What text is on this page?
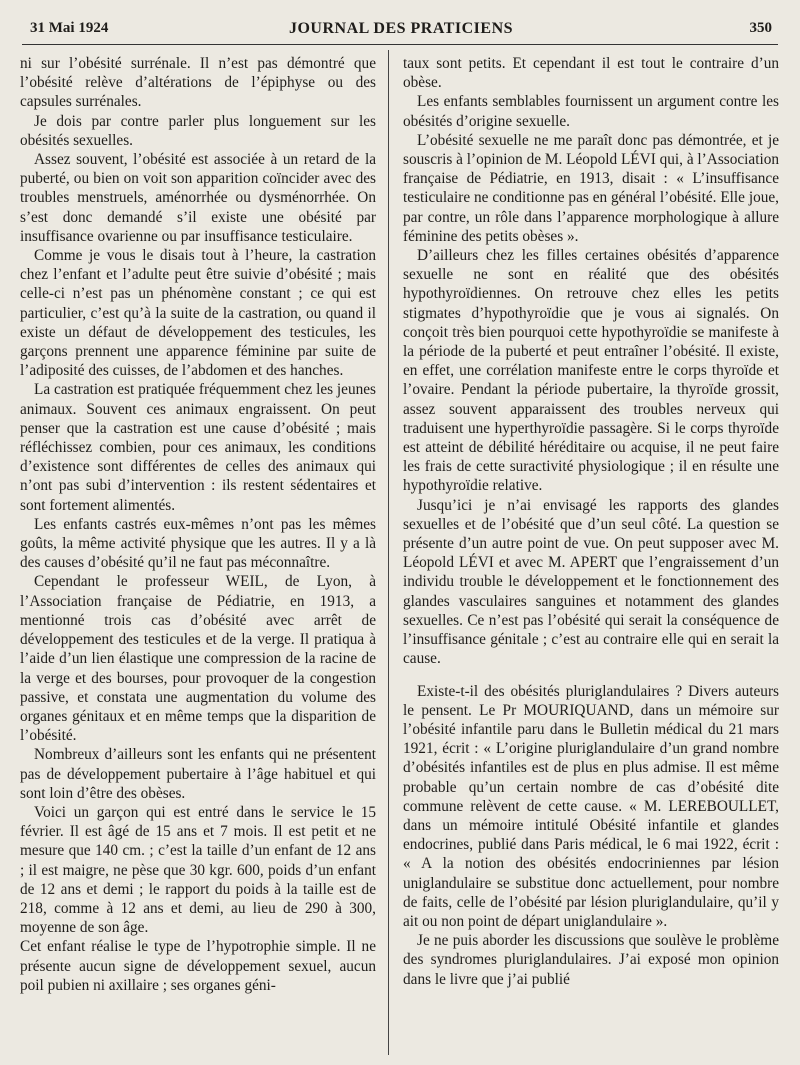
31 Mai 1924	JOURNAL DES PRATICIENS	350

ni sur l’obésité surrénale. Il n’est pas démontré que l’obésité relève d’altérations de l’épiphyse ou des capsules surrénales.

Je dois par contre parler plus longuement sur les obésités sexuelles.

Assez souvent, l’obésité est associée à un retard de la puberté, ou bien on voit son apparition coïncider avec des troubles menstruels, aménorrhée ou dysménorrhée. On s’est donc demandé s’il existe une obésité par insuffisance ovarienne ou par insuffisance testiculaire.

Comme je vous le disais tout à l’heure, la castration chez l’enfant et l’adulte peut être suivie d’obésité ; mais celle-ci n’est pas un phénomène constant ; ce qui est particulier, c’est qu’à la suite de la castration, ou quand il existe un défaut de développement des testicules, les garçons prennent une apparence féminine par suite de l’adiposité des cuisses, de l’abdomen et des hanches.

La castration est pratiquée fréquemment chez les jeunes animaux. Souvent ces animaux engraissent. On peut penser que la castration est une cause d’obésité ; mais réfléchissez combien, pour ces animaux, les conditions d’existence sont différentes de celles des animaux qui n’ont pas subi d’intervention : ils restent sédentaires et sont fortement alimentés.

Les enfants castrés eux-mêmes n’ont pas les mêmes goûts, la même activité physique que les autres. Il y a là des causes d’obésité qu’il ne faut pas méconnaître.

Cependant le professeur WEIL, de Lyon, à l’Association française de Pédiatrie, en 1913, a mentionné trois cas d’obésité avec arrêt de développement des testicules et de la verge. Il pratiqua à l’aide d’un lien élastique une compression de la racine de la verge et des bourses, pour provoquer de la congestion passive, et constata une augmentation du volume des organes génitaux et en même temps que la disparition de l’obésité.

Nombreux d’ailleurs sont les enfants qui ne présentent pas de développement pubertaire à l’âge habituel et qui sont loin d’être des obèses.

Voici un garçon qui est entré dans le service le 15 février. Il est âgé de 15 ans et 7 mois. Il est petit et ne mesure que 140 cm. ; c’est la taille d’un enfant de 12 ans ; il est maigre, ne pèse que 30 kgr. 600, poids d’un enfant de 12 ans et demi ; le rapport du poids à la taille est de 218, comme à 12 ans et demi, au lieu de 290 à 300, moyenne de son âge.

Cet enfant réalise le type de l’hypotrophie simple. Il ne présente aucun signe de développement sexuel, aucun poil pubien ni axillaire ; ses organes géni-

taux sont petits. Et cependant il est tout le contraire d’un obèse.

Les enfants semblables fournissent un argument contre les obésités d’origine sexuelle.

L’obésité sexuelle ne me paraît donc pas démontrée, et je souscris à l’opinion de M. Léopold LÉVI qui, à l’Association française de Pédiatrie, en 1913, disait : « L’insuffisance testiculaire ne conditionne pas en général l’obésité. Elle joue, par contre, un rôle dans l’apparence morphologique à allure féminine des petits obèses ».

D’ailleurs chez les filles certaines obésités d’apparence sexuelle ne sont en réalité que des obésités hypothyroïdiennes. On retrouve chez elles les petits stigmates d’hypothyroïdie que je vous ai signalés. On conçoit très bien pourquoi cette hypothyroïdie se manifeste à la période de la puberté et peut entraîner l’obésité. Il existe, en effet, une corrélation manifeste entre le corps thyroïde et l’ovaire. Pendant la période pubertaire, la thyroïde grossit, assez souvent apparaissent des troubles nerveux qui traduisent une hyperthyroïdie passagère. Si le corps thyroïde est atteint de débilité héréditaire ou acquise, il ne peut faire les frais de cette suractivité physiologique ; il en résulte une hypothyroïdie relative.

Jusqu’ici je n’ai envisagé les rapports des glandes sexuelles et de l’obésité que d’un seul côté. La question se présente d’un autre point de vue. On peut supposer avec M. Léopold LÉVI et avec M. APERT que l’engraissement d’un individu trouble le développement et le fonctionnement des glandes vasculaires sanguines et notamment des glandes sexuelles. Ce n’est pas l’obésité qui serait la conséquence de l’insuffisance génitale ; c’est au contraire elle qui en serait la cause.

Existe-t-il des obésités pluriglandulaires ? Divers auteurs le pensent. Le Pr MOURIQUAND, dans un mémoire sur l’obésité infantile paru dans le Bulletin médical du 21 mars 1921, écrit : « L’origine pluriglandulaire d’un grand nombre d’obésités infantiles est de plus en plus admise. Il est même probable qu’un certain nombre de cas d’obésité dite commune relèvent de cette cause. « M. LEREBOULLET, dans un mémoire intitulé Obésité infantile et glandes endocrines, publié dans Paris médical, le 6 mai 1922, écrit : « A la notion des obésités endocriniennes par lésion uniglandulaire se substitue donc actuellement, pour nombre de faits, celle de l’obésité par lésion pluriglandulaire, qu’il y ait ou non point de départ uniglandulaire ».

Je ne puis aborder les discussions que soulève le problème des syndromes pluriglandulaires. J’ai exposé mon opinion dans le livre que j’ai publié
